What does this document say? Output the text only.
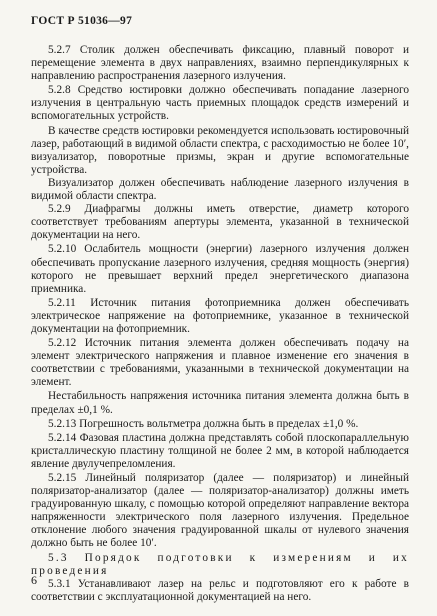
ГОСТ Р 51036—97

5.2.7 Столик должен обеспечивать фиксацию, плавный поворот и перемещение элемента в двух направлениях, взаимно перпендикулярных к направлению распространения лазерного излучения.

5.2.8 Средство юстировки должно обеспечивать попадание лазерного излучения в центральную часть приемных площадок средств измерений и вспомогательных устройств.

В качестве средств юстировки рекомендуется использовать юстировочный лазер, работающий в видимой области спектра, с расходимостью не более 10′, визуализатор, поворотные призмы, экран и другие вспомогательные устройства.

Визуализатор должен обеспечивать наблюдение лазерного излучения в видимой области спектра.

5.2.9 Диафрагмы должны иметь отверстие, диаметр которого соответствует требованиям апертуры элемента, указанной в технической документации на него.

5.2.10 Ослабитель мощности (энергии) лазерного излучения должен обеспечивать пропускание лазерного излучения, средняя мощность (энергия) которого не превышает верхний предел энергетического диапазона приемника.

5.2.11 Источник питания фотоприемника должен обеспечивать электрическое напряжение на фотоприемнике, указанное в технической документации на фотоприемник.

5.2.12 Источник питания элемента должен обеспечивать подачу на элемент электрического напряжения и плавное изменение его значения в соответствии с требованиями, указанными в технической документации на элемент.

Нестабильность напряжения источника питания элемента должна быть в пределах ±0,1 %.

5.2.13 Погрешность вольтметра должна быть в пределах ±1,0 %.

5.2.14 Фазовая пластина должна представлять собой плоскопараллельную кристаллическую пластину толщиной не более 2 мм, в которой наблюдается явление двулучепреломления.

5.2.15 Линейный поляризатор (далее — поляризатор) и линейный поляризатор-анализатор (далее — поляризатор-анализатор) должны иметь градуированную шкалу, с помощью которой определяют направление вектора напряженности электрического поля лазерного излучения. Предельное отклонение любого значения градуированной шкалы от нулевого значения должно быть не более 10′.

5.3 Порядок подготовки к измерениям и их проведения

5.3.1 Устанавливают лазер на рельс и подготовляют его к работе в соответствии с эксплуатационной документацией на него.

6
